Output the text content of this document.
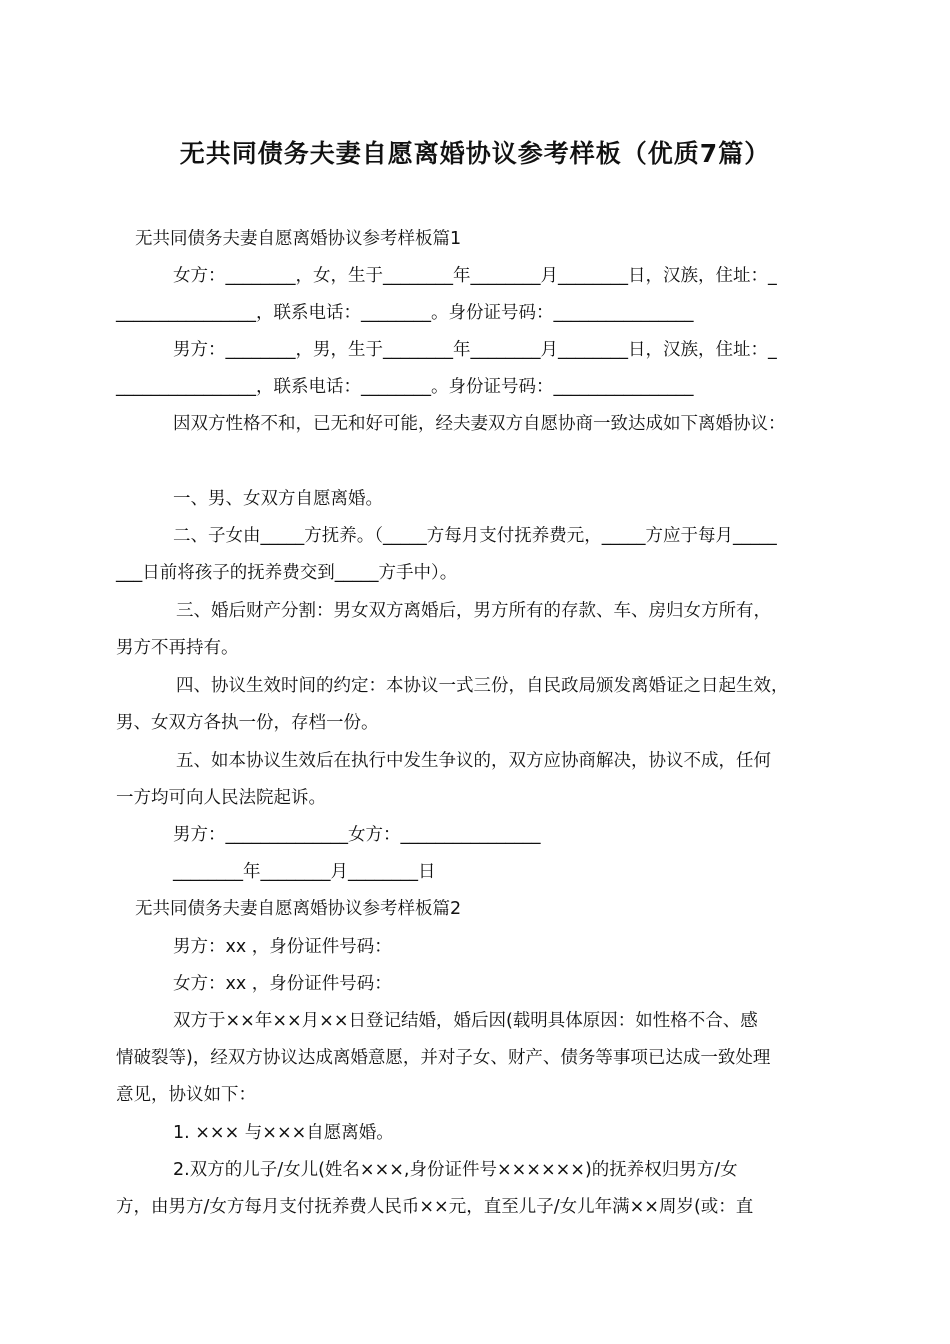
无共同债务夫妻自愿离婚协议参考样板（优质7篇）
无共同债务夫妻自愿离婚协议参考样板篇1
女方：________，女，生于________年________月________日，汉族，住址：_
________________，联系电话：________。身份证号码：________________
男方：________，男，生于________年________月________日，汉族，住址：_
________________，联系电话：________。身份证号码：________________
因双方性格不和，已无和好可能，经夫妻双方自愿协商一致达成如下离婚协议：
一、男、女双方自愿离婚。
二、子女由_____方抚养。（_____方每月支付抚养费元，_____方应于每月_____
___日前将孩子的抚养费交到_____方手中）。
三、婚后财产分割：男女双方离婚后，男方所有的存款、车、房归女方所有，
男方不再持有。
四、协议生效时间的约定：本协议一式三份，自民政局颁发离婚证之日起生效，
男、女双方各执一份，存档一份。
五、如本协议生效后在执行中发生争议的，双方应协商解决，协议不成，任何
一方均可向人民法院起诉。
男方：______________女方：________________
________年________月________日
无共同债务夫妻自愿离婚协议参考样板篇2
男方：xx ，身份证件号码：
女方：xx ，身份证件号码：
双方于××年××月××日登记结婚，婚后因(载明具体原因：如性格不合、感
情破裂等)，经双方协议达成离婚意愿，并对子女、财产、债务等事项已达成一致处理
意见，协议如下：
1. ××× 与×××自愿离婚。
2.双方的儿子/女儿(姓名×××,身份证件号××××××)的抚养权归男方/女
方，由男方/女方每月支付抚养费人民币××元，直至儿子/女儿年满××周岁(或：直
